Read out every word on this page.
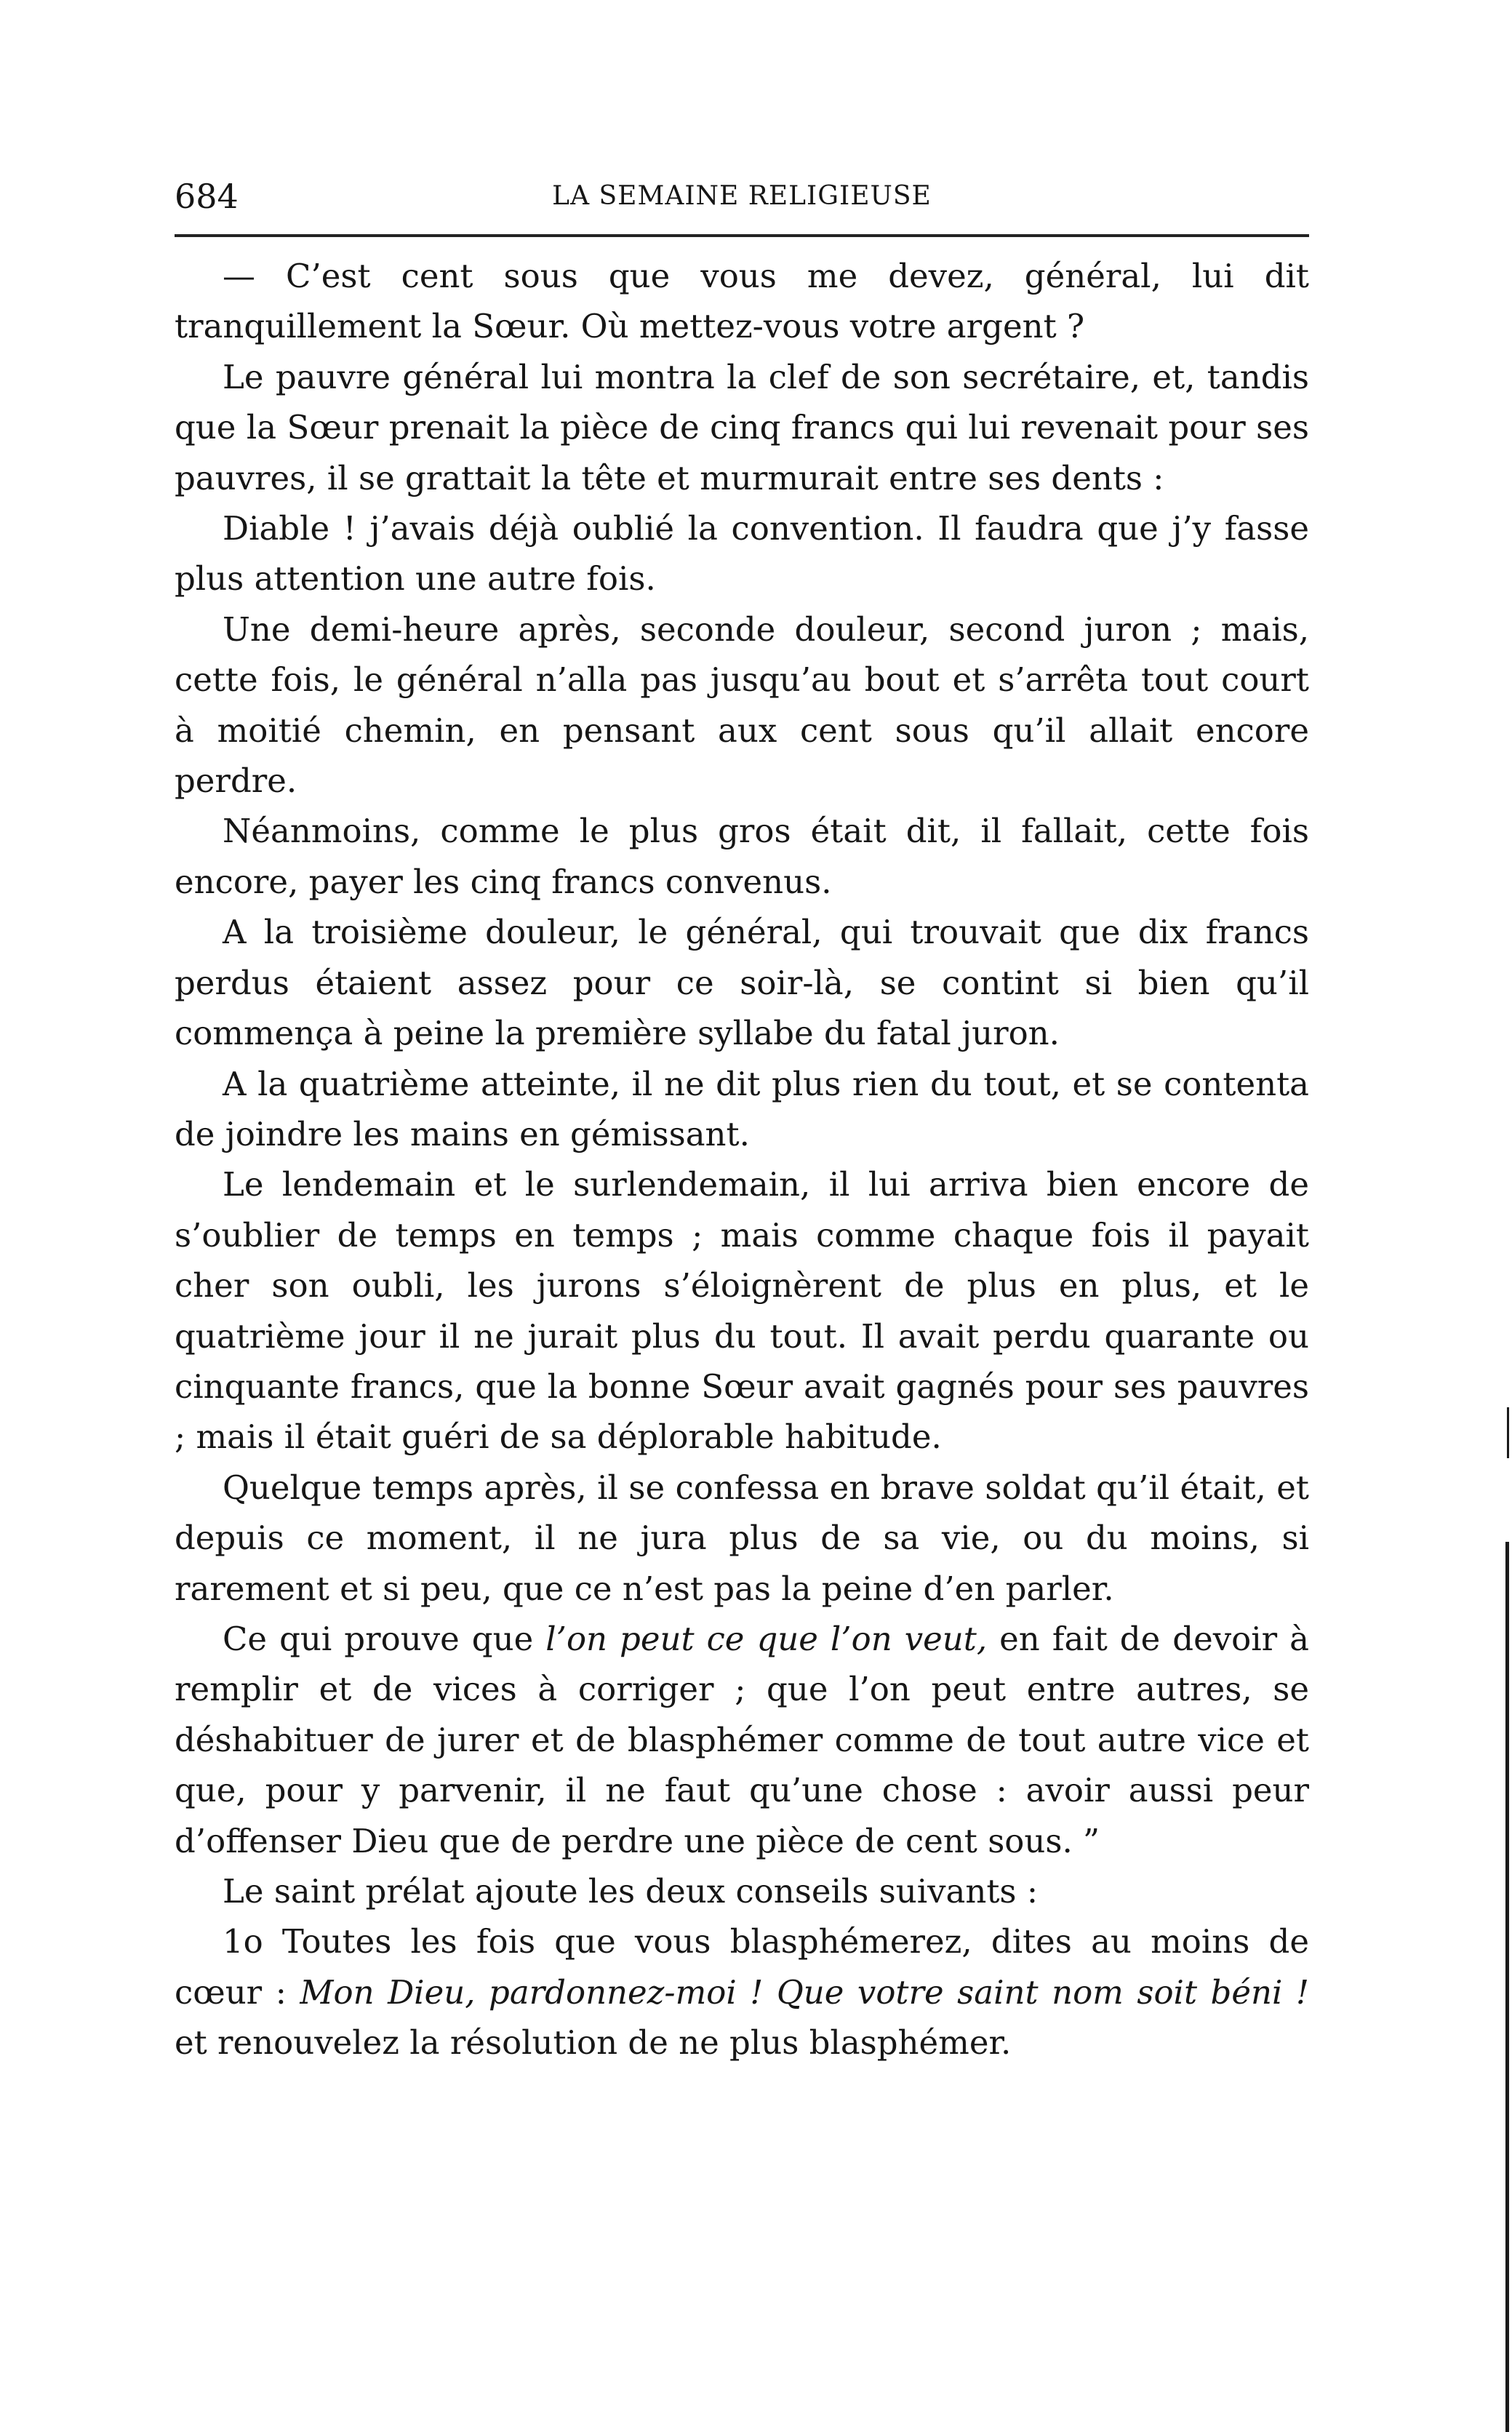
LA SEMAINE RELIGIEUSE
684

— C’est cent sous que vous me devez, général, lui dit tranquillement la Sœur. Où mettez-vous votre argent ?

Le pauvre général lui montra la clef de son secrétaire, et, tandis que la Sœur prenait la pièce de cinq francs qui lui revenait pour ses pauvres, il se grattait la tête et murmurait entre ses dents :

Diable ! j’avais déjà oublié la convention. Il faudra que j’y fasse plus attention une autre fois.

Une demi-heure après, seconde douleur, second juron ; mais, cette fois, le général n’alla pas jusqu’au bout et s’arrêta tout court à moitié chemin, en pensant aux cent sous qu’il allait encore perdre.

Néanmoins, comme le plus gros était dit, il fallait, cette fois encore, payer les cinq francs convenus.

A la troisième douleur, le général, qui trouvait que dix francs perdus étaient assez pour ce soir-là, se contint si bien qu’il commença à peine la première syllabe du fatal juron.

A la quatrième atteinte, il ne dit plus rien du tout, et se contenta de joindre les mains en gémissant.

Le lendemain et le surlendemain, il lui arriva bien encore de s’oublier de temps en temps ; mais comme chaque fois il payait cher son oubli, les jurons s’éloignèrent de plus en plus, et le quatrième jour il ne jurait plus du tout. Il avait perdu quarante ou cinquante francs, que la bonne Sœur avait gagnés pour ses pauvres ; mais il était guéri de sa déplorable habitude.

Quelque temps après, il se confessa en brave soldat qu’il était, et depuis ce moment, il ne jura plus de sa vie, ou du moins, si rarement et si peu, que ce n’est pas la peine d’en parler.

Ce qui prouve que l’on peut ce que l’on veut, en fait de devoir à remplir et de vices à corriger ; que l’on peut entre autres, se déshabituer de jurer et de blasphémer comme de tout autre vice et que, pour y parvenir, il ne faut qu’une chose : avoir aussi peur d’offenser Dieu que de perdre une pièce de cent sous. ”

Le saint prélat ajoute les deux conseils suivants :

1o Toutes les fois que vous blasphémerez, dites au moins de cœur : Mon Dieu, pardonnez-moi ! Que votre saint nom soit béni ! et renouvelez la résolution de ne plus blasphémer.
